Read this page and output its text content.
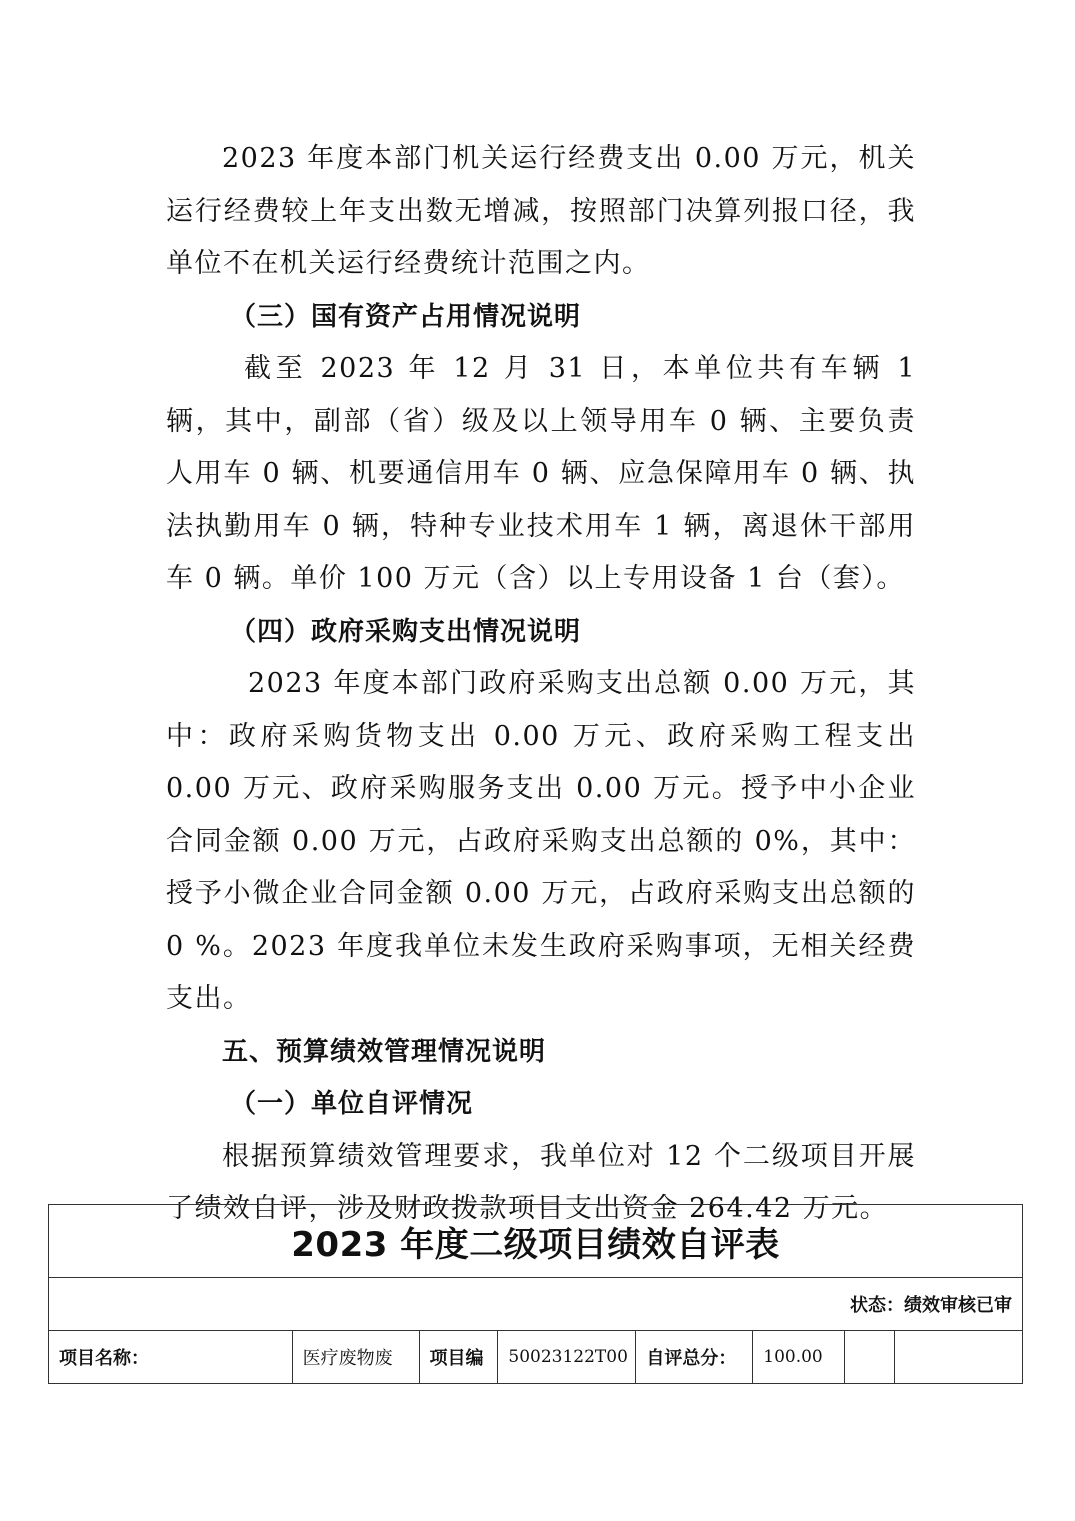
2023 年度本部门机关运行经费支出 0.00 万元，机关运行经费较上年支出数无增减，按照部门决算列报口径，我单位不在机关运行经费统计范围之内。

（三）国有资产占用情况说明

截至 2023 年 12 月 31 日，本单位共有车辆 1 辆，其中，副部（省）级及以上领导用车 0 辆、主要负责人用车 0 辆、机要通信用车 0 辆、应急保障用车 0 辆、执法执勤用车 0 辆，特种专业技术用车 1 辆，离退休干部用车 0 辆。单价 100 万元（含）以上专用设备 1 台（套）。

（四）政府采购支出情况说明

2023 年度本部门政府采购支出总额 0.00 万元，其中：政府采购货物支出 0.00 万元、政府采购工程支出 0.00 万元、政府采购服务支出 0.00 万元。授予中小企业合同金额 0.00 万元，占政府采购支出总额的 0%，其中：授予小微企业合同金额 0.00 万元，占政府采购支出总额的 0 %。2023 年度我单位未发生政府采购事项，无相关经费支出。

五、预算绩效管理情况说明

（一）单位自评情况

根据预算绩效管理要求，我单位对 12 个二级项目开展了绩效自评，涉及财政拨款项目支出资金 264.42 万元。

2023 年度二级项目绩效自评表
状态：绩效审核已审
项目名称：	医疗废物废	项目编	50023122T00	自评总分：	100.00		
